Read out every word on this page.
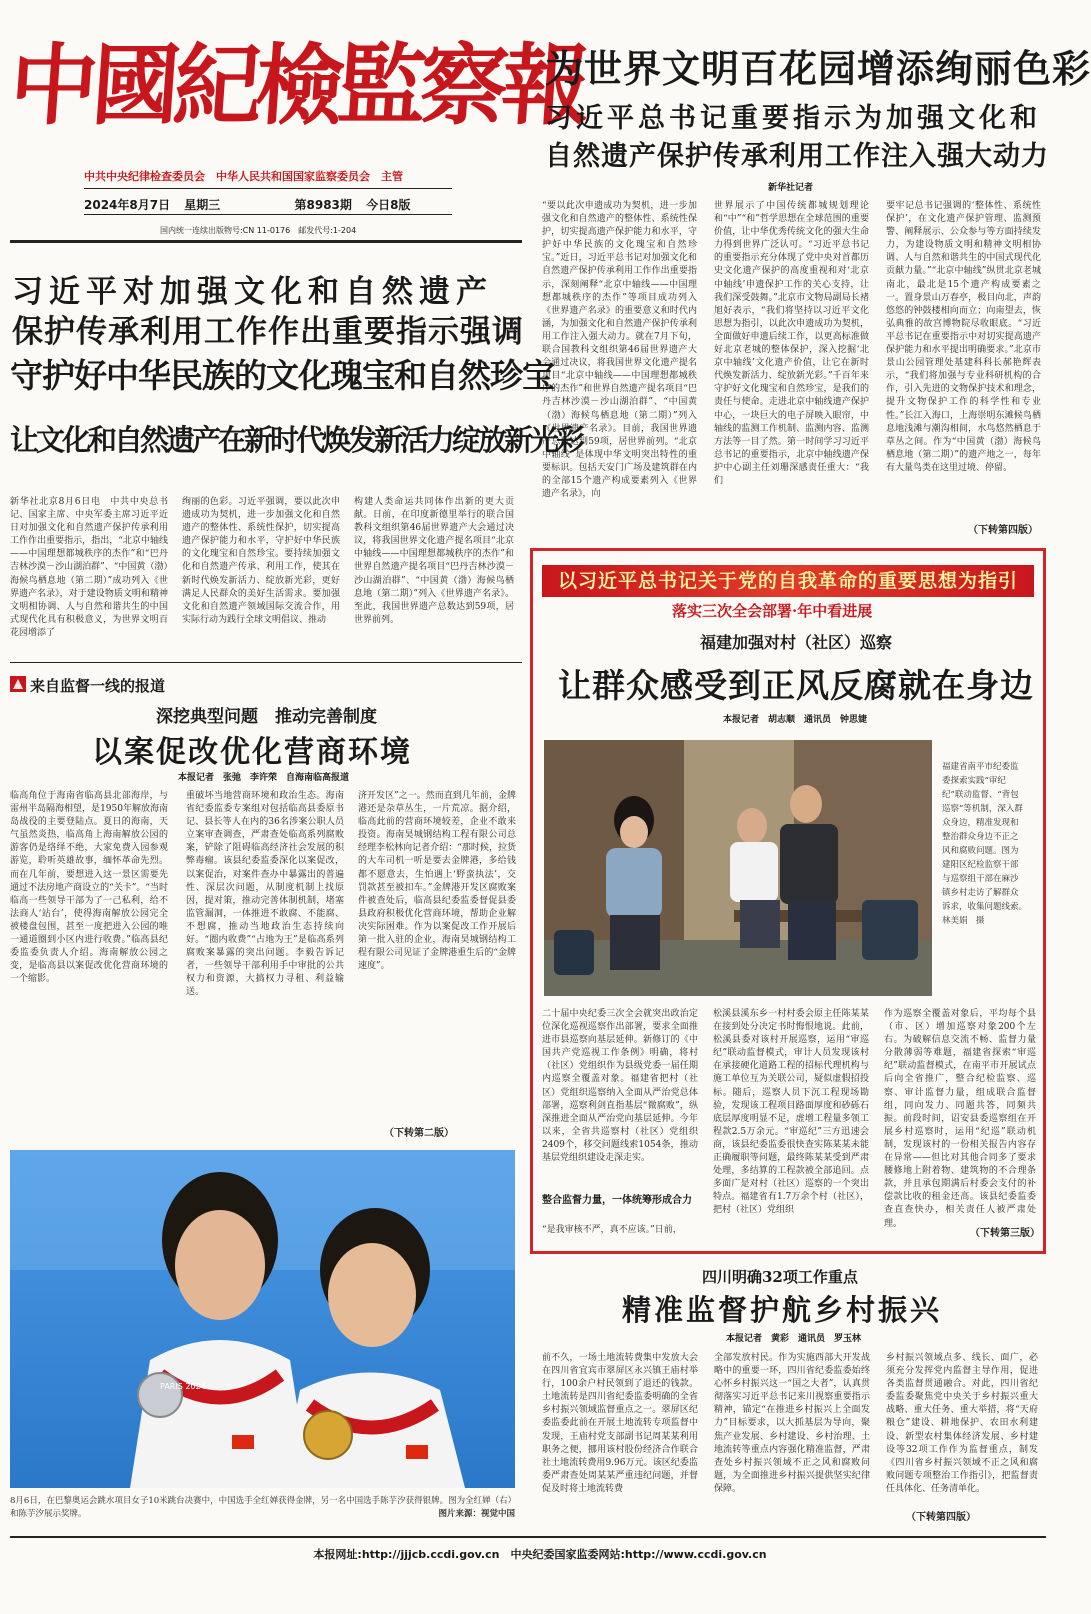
中國紀檢監察報
中共中央纪律检查委员会　中华人民共和国国家监察委员会　主管
2024年8月7日 星期三	第8983期 今日8版
国内统一连续出版物号:CN 11-0176　邮发代号:1-204
为世界文明百花园增添绚丽色彩
习近平总书记重要指示为加强文化和
自然遗产保护传承利用工作注入强大动力
新华社记者
“要以此次申遗成功为契机，进一步加强文化和自然遗产的整体性、系统性保护，切实提高遗产保护能力和水平，守护好中华民族的文化瑰宝和自然珍宝。”近日，习近平总书记对加强文化和自然遗产保护传承利用工作作出重要指示，深刻阐释“北京中轴线——中国理想都城秩序的杰作”等项目成功列入《世界遗产名录》的重要意义和时代内涵，为加强文化和自然遗产保护传承利用工作注入强大动力。就在7月下旬，联合国教科文组织第46届世界遗产大会通过决议，将我国世界文化遗产提名项目“北京中轴线——中国理想都城秩序的杰作”和世界自然遗产提名项目“巴丹吉林沙漠－沙山湖泊群”、“中国黄（渤）海候鸟栖息地（第二期）”列入《世界遗产名录》。目前，我国世界遗产总数达到59项，居世界前列。“北京中轴线”是体现中华文明突出特性的重要标识。包括天安门广场及建筑群在内的全部15个遗产构成要素列入《世界遗产名录》，向
世界展示了中国传统都城规划理论和“中”“和”哲学思想在全球范围的重要价值，让中华优秀传统文化的强大生命力得到世界广泛认可。“习近平总书记的重要指示充分体现了党中央对首都历史文化遗产保护的高度重视和对‘北京中轴线’申遗保护工作的关心支持，让我们深受鼓舞。”北京市文物局副局长褚旭好表示，“我们将坚持以习近平文化思想为指引，以此次申遗成功为契机，全面做好申遗后续工作，以更高标准做好北京老城的整体保护，深入挖掘‘北京中轴线’文化遗产价值，让它在新时代焕发新活力、绽放新光彩。”千百年来守护好文化瑰宝和自然珍宝，是我们的责任与使命。走进北京中轴线遗产保护中心，一块巨大的电子屏映入眼帘，中轴线的监测工作机制、监测内容、监测方法等一目了然。第一时间学习习近平总书记的重要指示，北京中轴线遗产保护中心副主任刘珊深感责任重大：“我们
要牢记总书记强调的‘整体性、系统性保护’，在文化遗产保护管理、监测预警、阐释展示、公众参与等方面持续发力，为建设物质文明和精神文明相协调、人与自然和谐共生的中国式现代化贡献力量。”“北京中轴线”纵贯北京老城南北，最北是15个遗产构成要素之一。置身景山万春亭，极目向北，声韵悠悠的钟鼓楼相向而立；向南望去，恢弘典雅的故宫博物院尽收眼底。“习近平总书记在重要指示中对切实提高遗产保护能力和水平提出明确要求。”北京市景山公园管理处基建科科长郝艳辉表示，“我们将加强与专业科研机构的合作，引入先进的文物保护技术和理念，提升文物保护工作的科学性和专业性。”长江入海口，上海崇明东滩候鸟栖息地浅滩与潮沟相间，水鸟悠然栖息于草丛之间。作为“中国黄（渤）海候鸟栖息地（第二期）”的遗产地之一，每年有大量鸟类在这里过境、停留。
（下转第四版）
习近平对加强文化和自然遗产
保护传承利用工作作出重要指示强调
守护好中华民族的文化瑰宝和自然珍宝
让文化和自然遗产在新时代焕发新活力绽放新光彩
新华社北京8月6日电　中共中央总书记、国家主席、中央军委主席习近平近日对加强文化和自然遗产保护传承利用工作作出重要指示，指出，“北京中轴线——中国理想都城秩序的杰作”和“巴丹吉林沙漠－沙山湖泊群”、“中国黄（渤）海候鸟栖息地（第二期）”成功列入《世界遗产名录》，对于建设物质文明和精神文明相协调、人与自然和谐共生的中国式现代化具有积极意义，为世界文明百花园增添了
绚丽的色彩。习近平强调，要以此次申遗成功为契机，进一步加强文化和自然遗产的整体性、系统性保护，切实提高遗产保护能力和水平，守护好中华民族的文化瑰宝和自然珍宝。要持续加强文化和自然遗产传承、利用工作，使其在新时代焕发新活力、绽放新光彩，更好满足人民群众的美好生活需求。要加强文化和自然遗产领域国际交流合作，用实际行动为践行全球文明倡议、推动
构建人类命运共同体作出新的更大贡献。日前，在印度新德里举行的联合国教科文组织第46届世界遗产大会通过决议，将我国世界文化遗产提名项目“北京中轴线——中国理想都城秩序的杰作”和世界自然遗产提名项目“巴丹吉林沙漠－沙山湖泊群”、“中国黄（渤）海候鸟栖息地（第二期）”列入《世界遗产名录》。至此，我国世界遗产总数达到59项，居世界前列。
来自监督一线的报道
深挖典型问题　推动完善制度
以案促改优化营商环境
本报记者　张弛　李许荣　自海南临高报道
临高角位于海南省临高县北部海岸，与雷州半岛隔海相望，是1950年解放海南岛战役的主要登陆点。夏日的海南，天气虽然炎热，临高角上海南解放公园的游客仍是络绎不绝，大家免费入园参观游览，聆听英雄故事，缅怀革命先烈。而在几年前，要想进入这一景区需要先通过不法房地产商设立的“关卡”。“当时临高一些领导干部为了一己私利，给不法商人‘站台’，使得海南解放公园完全被楼盘包围，甚至一度把进入公园的唯一通道圈到小区内进行收费。”临高县纪委监委负责人介绍。海南解放公园之变，是临高县以案促改优化营商环境的一个缩影。
重破坏当地营商环境和政治生态。海南省纪委监委专案组对包括临高县委原书记、县长等人在内的36名涉案公职人员立案审查调查，严肃查处临高系列腐败案，铲除了阻碍临高经济社会发展的积弊毒瘤。该县纪委监委深化以案促改，以案促治，对案件查办中暴露出的普遍性、深层次问题，从制度机制上找原因，提对策，推动完善体制机制，堵塞监管漏洞，一体推进不敢腐、不能腐、不想腐，推动当地政治生态持续向好。“圈内收费”“占地为王”是临高系列腐败案暴露的突出问题。李毅告诉记者，一些领导干部利用手中审批的公共权力和资源，大搞权力寻租、利益输送。
济开发区”之一。然而直到几年前，金牌港还是杂草丛生，一片荒凉。据介绍，临高此前的营商环境较差，企业不敢来投资。海南昊城钢结构工程有限公司总经理李松林向记者介绍：“那时候，拉货的大车司机一听是要去金牌港，多给钱都不愿意去，生怕遇上‘野蛮执法’，交罚款甚至被扣车。”金牌港开发区腐败案件被查处后，临高县纪委监委督促县委县政府积极优化营商环境，帮助企业解决实际困难。作为以案促改工作开展后第一批入驻的企业，海南昊城钢结构工程有限公司见证了金牌港重生后的“金牌速度”。
（下转第二版）
PARIS 2024
8月6日，在巴黎奥运会跳水项目女子10米跳台决赛中，中国选手全红婵获得金牌，另一名中国选手陈芋汐获得银牌。图为全红婵（右）和陈芋汐展示奖牌。	图片来源：视觉中国
以习近平总书记关于党的自我革命的重要思想为指引
落实三次全会部署·年中看进展
福建加强对村（社区）巡察
让群众感受到正风反腐就在身边
本报记者　胡志顺　通讯员　钟思婕
福建省南平市纪委监委探索实践“审纪纪”联动监督、“背包巡察”等机制，深入群众身边，精准发现和整治群众身边不正之风和腐败问题。图为建阳区纪检监察干部与巡察组干部在麻沙镇乡村走访了解群众诉求，收集问题线索。　林美娟　摄
二十届中央纪委三次全会就突出政治定位深化巡视巡察作出部署，要求全面推进市县巡察向基层延伸。新修订的《中国共产党巡视工作条例》明确，将村（社区）党组织作为县级党委一届任期内巡察全覆盖对象。福建省把村（社区）党组织巡察纳入全面从严治党总体部署，巡察利剑直指基层“微腐败”，纵深推进全面从严治党向基层延伸。今年以来，全省共巡察村（社区）党组织2409个，移交问题线索1054条，推动基层党组织建设走深走实。
整合监督力量，一体统筹形成合力
“是我审核不严，真不应该。”日前，
松溪县溪东乡一村村委会原主任陈某某在接到处分决定书时悔恨地说。此前，松溪县委对该村开展巡察，运用“审巡纪”联动监督模式，审计人员发现该村在承接硬化道路工程的招标代理机构与施工单位互为关联公司，疑似虚假招投标。随后，巡察人员下沉工程现场勘验，发现该工程项目路面厚度和砂砾石底层厚度明显不足，虚增工程量多领工程款2.5万余元。“审巡纪”三方迅速会商，该县纪委监委很快查实陈某某未能正确履职等问题，最终陈某某受到严肃处理，多结算的工程款被全部追回。点多面广是对村（社区）巡察的一个突出特点。福建省有1.7万余个村（社区），把村（社区）党组织
作为巡察全覆盖对象后，平均每个县（市、区）增加巡察对象200个左右。为破解信息交流不畅、监督力量分散薄弱等难题，福建省探索“审巡纪”联动监督模式，在南平市开展试点后向全省推广，整合纪检监察、巡察、审计监督力量，组成联合监督组，同向发力、同题共答，同频共振。前段时间，诏安县委巡察组在开展乡村巡察时，运用“纪巡”联动机制，发现该村的一份相关报告内容存在异常——但比对其他合同多了要求腰修地上附着物、建筑物的不合理条款，并且承包期满后村委会支付的补偿款比收的租金还高。该县纪委监委查直查快办，相关责任人被严肃处理。
（下转第三版）
四川明确32项工作重点
精准监督护航乡村振兴
本报记者　黄彩　通讯员　罗玉林
前不久，一场土地流转费集中发放大会在四川省宜宾市翠屏区永兴镇王庙村举行，100余户村民领到了退还的钱款。土地流转是四川省纪委监委明确的全省乡村振兴领域监督重点之一。翠屏区纪委监委此前在开展土地流转专项监督中发现，王庙村党支部副书记周某某利用职务之便，挪用该村股份经济合作联合社土地流转费用9.96万元。该区纪委监委严肃查处周某某严重违纪问题，并督促及时将土地流转费
全部发放村民。作为实施西部大开发战略中的重要一环，四川省纪委监委始终心怀乡村振兴这一“国之大者”，认真贯彻落实习近平总书记来川视察重要指示精神，锚定“在推进乡村振兴上全面发力”目标要求，以大抓基层为导向，聚焦产业发展、乡村建设、乡村治理、土地流转等重点内容强化精准监督，严肃查处乡村振兴领域不正之风和腐败问题，为全面推进乡村振兴提供坚实纪律保障。
乡村振兴领域点多、线长、面广，必须充分发挥党内监督主导作用，促进各类监督贯通融合。对此，四川省纪委监委聚焦党中央关于乡村振兴重大战略、重大任务、重大举措，将“天府粮仓”建设、耕地保护、农田水利建设、新型农村集体经济发展、乡村建设等32项工作作为监督重点，制发《四川省乡村振兴领域不正之风和腐败问题专项整治工作指引》，把监督责任具体化、任务清单化。
（下转第四版）
本报网址:http://jjjcb.ccdi.gov.cn　中央纪委国家监委网站:http://www.ccdi.gov.cn
